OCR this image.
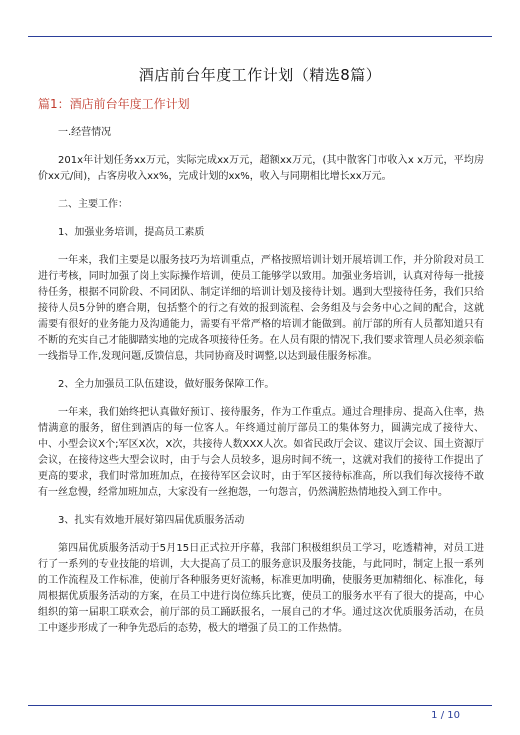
酒店前台年度工作计划（精选8篇）
篇1：酒店前台年度工作计划

一.经营情况

201x年计划任务xx万元，实际完成xx万元，超额xx万元，(其中散客门市收入x x万元，平均房价xx元/间)，占客房收入xx%，完成计划的xx%，收入与同期相比增长xx万元。

二、主要工作：

1、加强业务培训，提高员工素质

一年来，我们主要是以服务技巧为培训重点，严格按照培训计划开展培训工作，并分阶段对员工进行考核，同时加强了岗上实际操作培训，使员工能够学以致用。加强业务培训，认真对待每一批接待任务，根据不同阶段、不同团队、制定详细的培训计划及接待计划。遇到大型接待任务，我们只给接待人员5分钟的磨合期，包括整个的行之有效的报到流程、会务组及与会务中心之间的配合，这就需要有很好的业务能力及沟通能力，需要有平常严格的培训才能做到。前厅部的所有人员都知道只有不断的充实自己才能脚踏实地的完成各项接待任务。在人员有限的情况下,我们要求管理人员必须亲临一线指导工作,发现问题,反馈信息，共同协商及时调整,以达到最佳服务标准。

2、全力加强员工队伍建设，做好服务保障工作。

一年来，我们始终把认真做好预订、接待服务，作为工作重点。通过合理排房、提高入住率，热情满意的服务，留住到酒店的每一位客人。年终通过前厅部员工的集体努力，圆满完成了接待大、中、小型会议X个;军区X次，X次，共接待人数XXX人次。如省民政厅会议、建议厅会议、国土资源厅会议，在接待这些大型会议时，由于与会人员较多，退房时间不统一，这就对我们的接待工作提出了更高的要求，我们时常加班加点，在接待军区会议时，由于军区接待标准高，所以我们每次接待不敢有一丝怠慢，经常加班加点，大家没有一丝抱怨，一句怨言，仍然满腔热情地投入到工作中。

3、扎实有效地开展好第四届优质服务活动

第四届优质服务活动于5月15日正式拉开序幕，我部门积极组织员工学习，吃透精神，对员工进行了一系列的专业技能的培训，大大提高了员工的服务意识及服务技能，与此同时，制定上报一系列的工作流程及工作标准，使前厅各种服务更好流畅，标准更加明确，使服务更加精细化、标准化，每周根据优质服务活动的方案，在员工中进行岗位练兵比赛，使员工的服务水平有了很大的提高，中心组织的第一届职工联欢会，前厅部的员工踊跃报名，一展自己的才华。通过这次优质服务活动，在员工中逐步形成了一种争先恐后的态势，极大的增强了员工的工作热情。

1 / 10
